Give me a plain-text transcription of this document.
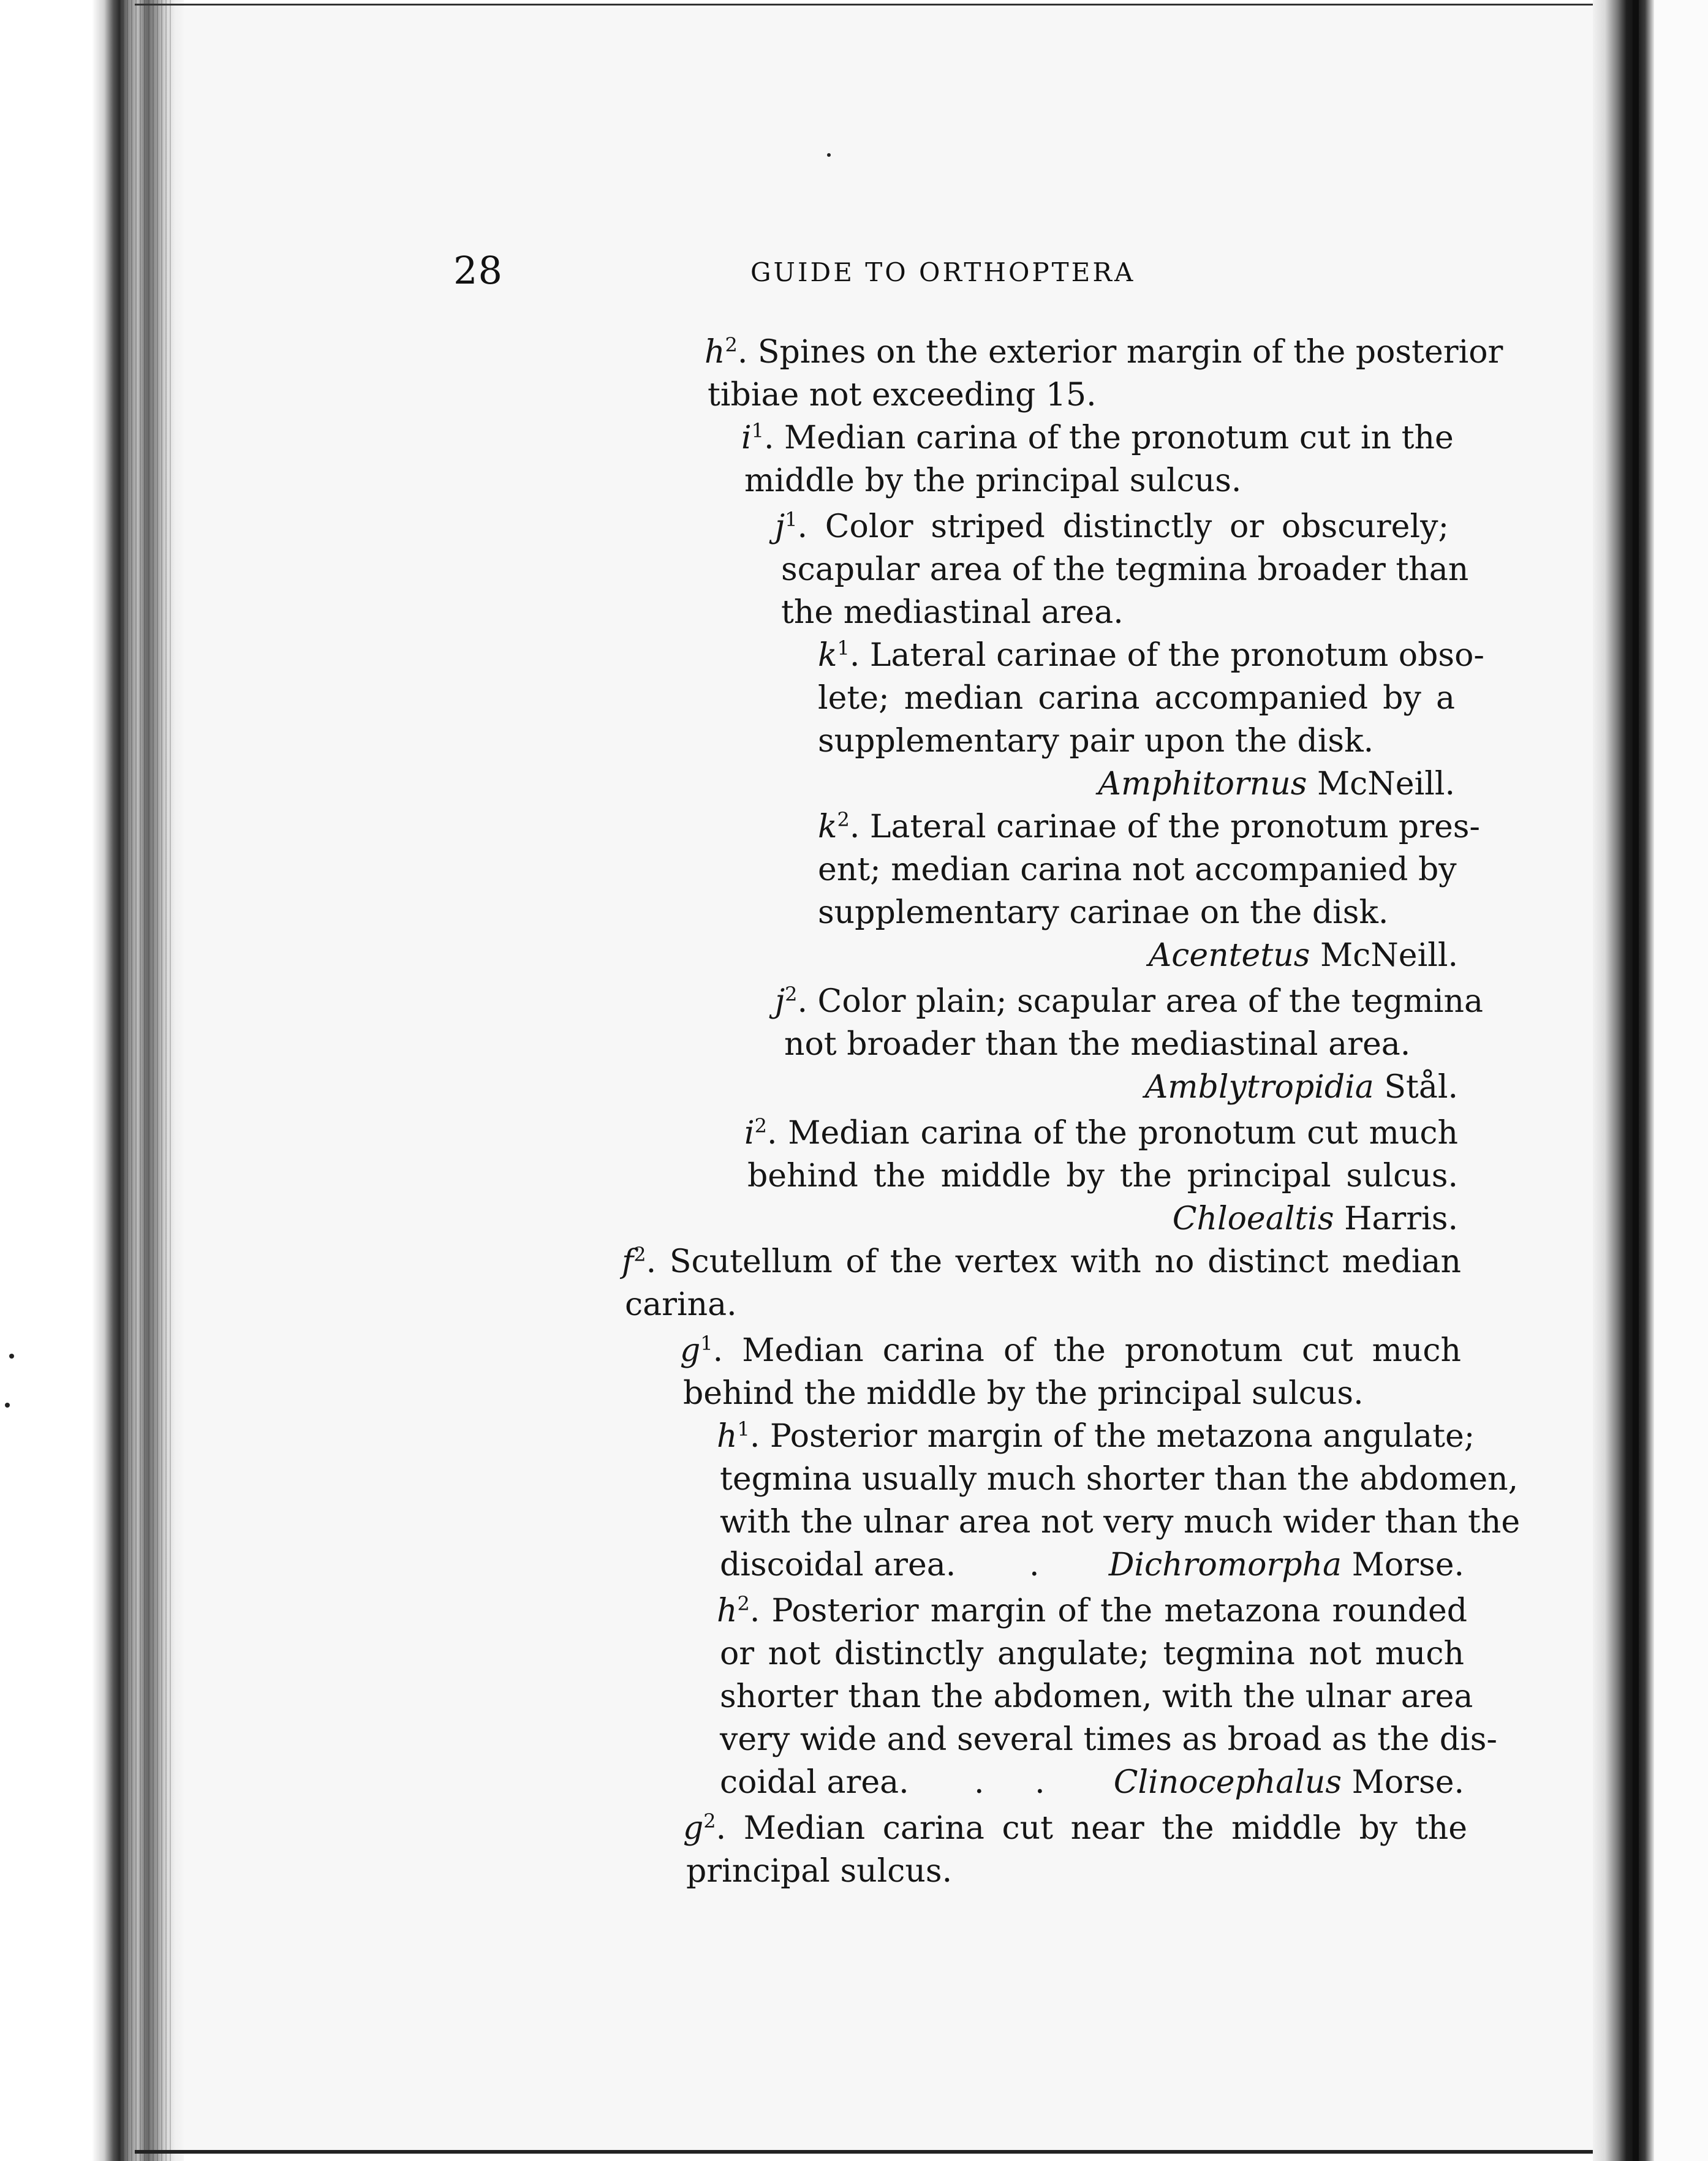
28	GUIDE TO ORTHOPTERA
$h^2$. Spines on the exterior margin of the posterior
tibiae not exceeding 15.
$i^1$. Median carina of the pronotum cut in the
middle by the principal sulcus.
$j^1$. Color striped distinctly or obscurely;
scapular area of the tegmina broader than
the mediastinal area.
$k^1$. Lateral carinae of the pronotum obso-
lete; median carina accompanied by a
supplementary pair upon the disk.
Amphitornus McNeill.
$k^2$. Lateral carinae of the pronotum pres-
ent; median carina not accompanied by
supplementary carinae on the disk.
Acentetus McNeill.
$j^2$. Color plain; scapular area of the tegmina
not broader than the mediastinal area.
Amblytropidia Stål.
$i^2$. Median carina of the pronotum cut much
behind the middle by the principal sulcus.
Chloealtis Harris.
$f^2$. Scutellum of the vertex with no distinct median
carina.
$g^1$. Median carina of the pronotum cut much
behind the middle by the principal sulcus.
$h^1$. Posterior margin of the metazona angulate;
tegmina usually much shorter than the abdomen,
with the ulnar area not very much wider than the
discoidal area. . Dichromorpha Morse.
$h^2$. Posterior margin of the metazona rounded
or not distinctly angulate; tegmina not much
shorter than the abdomen, with the ulnar area
very wide and several times as broad as the dis-
coidal area. .     . Clinocephalus Morse.
$g^2$. Median carina cut near the middle by the
principal sulcus.
